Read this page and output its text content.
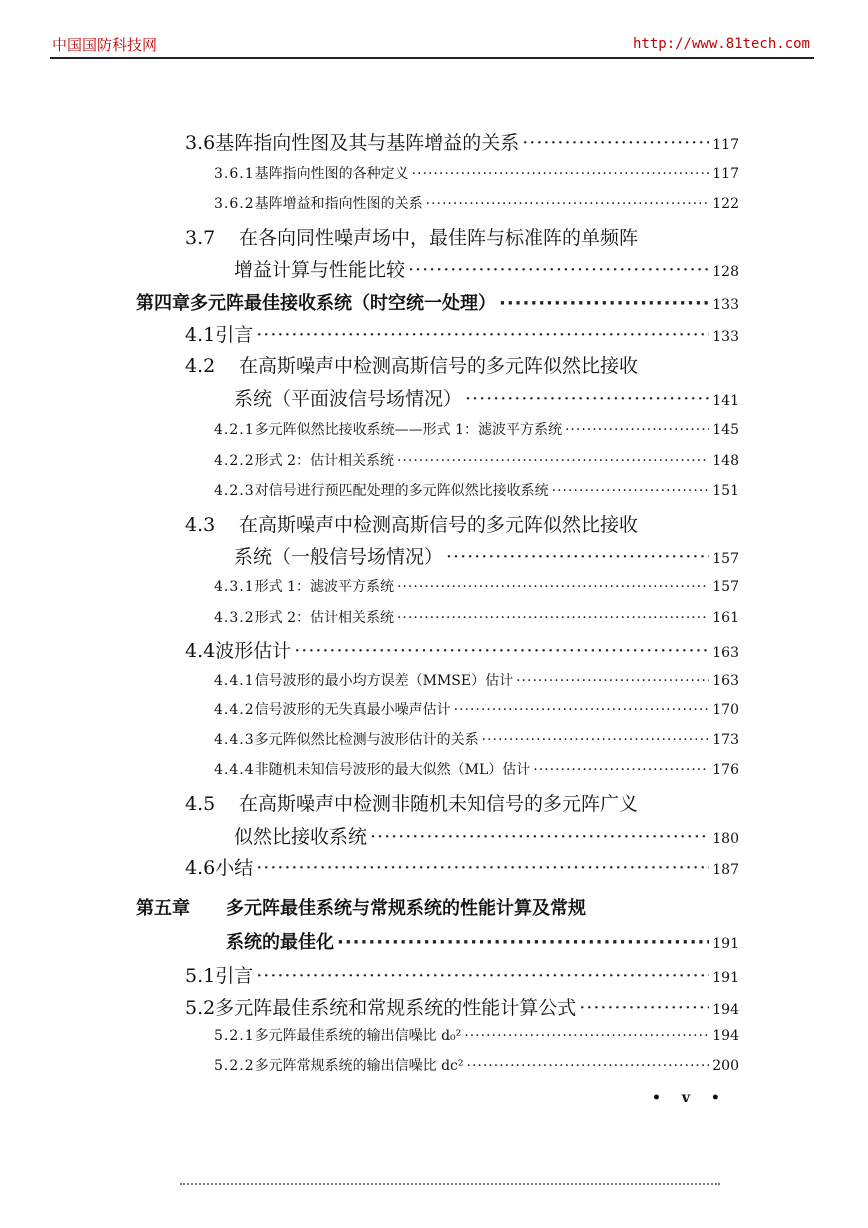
中国国防科技网	http://www.81tech.com
3.6 基阵指向性图及其与基阵增益的关系 ·····	117
3.6.1 基阵指向性图的各种定义 ·····	117
3.6.2 基阵增益和指向性图的关系 ·····	122
3.7	在各向同性噪声场中，最佳阵与标准阵的单频阵
增益计算与性能比较 ·····	128
第四章 多元阵最佳接收系统（时空统一处理） ·····	133
4.1 引言 ·····	133
4.2	在高斯噪声中检测高斯信号的多元阵似然比接收
系统（平面波信号场情况） ·····	141
4.2.1 多元阵似然比接收系统——形式 1：滤波平方系统 ·····	145
4.2.2 形式 2：估计相关系统 ·····	148
4.2.3 对信号进行预匹配处理的多元阵似然比接收系统 ·····	151
4.3	在高斯噪声中检测高斯信号的多元阵似然比接收
系统（一般信号场情况） ·····	157
4.3.1 形式 1：滤波平方系统 ·····	157
4.3.2 形式 2：估计相关系统 ·····	161
4.4 波形估计 ·····	163
4.4.1 信号波形的最小均方误差（MMSE）估计 ·····	163
4.4.2 信号波形的无失真最小噪声估计 ·····	170
4.4.3 多元阵似然比检测与波形估计的关系 ·····	173
4.4.4 非随机未知信号波形的最大似然（ML）估计 ·····	176
4.5	在高斯噪声中检测非随机未知信号的多元阵广义
似然比接收系统 ·····	180
4.6 小结 ·····	187
第五章	多元阵最佳系统与常规系统的性能计算及常规
系统的最佳化 ·····	191
5.1 引言 ·····	191
5.2 多元阵最佳系统和常规系统的性能计算公式 ·····	194
5.2.1 多元阵最佳系统的输出信噪比 d₀² ·····	194
5.2.2 多元阵常规系统的输出信噪比 dc² ·····	200
• v •
